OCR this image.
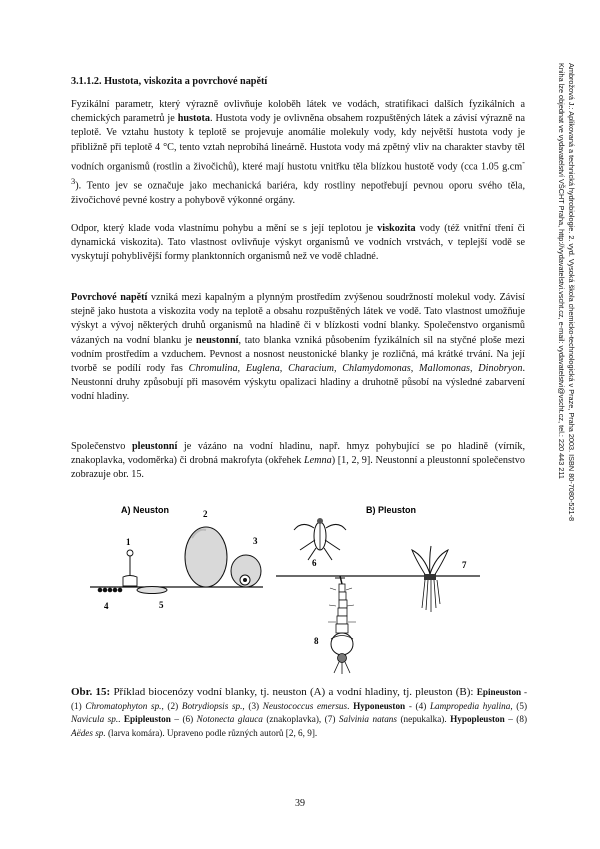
3.1.1.2. Hustota, viskozita a povrchové napětí

Fyzikální parametr, který výrazně ovlivňuje koloběh látek ve vodách, stratifikaci dalších fyzikálních a chemických parametrů je hustota. Hustota vody je ovlivněna obsahem rozpuštěných látek a závisí výrazně na teplotě. Ve vztahu hustoty k teplotě se projevuje anomálie molekuly vody, kdy největší hustota vody je přibližně při teplotě 4 °C, tento vztah neprobíhá lineárně. Hustota vody má zpětný vliv na charakter stavby těl vodních organismů (rostlin a živočichů), které mají hustotu vnitřku těla blízkou hustotě vody (cca 1.05 $g.cm^{-3}$). Tento jev se označuje jako mechanická bariéra, kdy rostliny nepotřebují pevnou oporu svého těla, živočichové pevné kostry a pohybově výkonné orgány.

Odpor, který klade voda vlastnímu pohybu a mění se s její teplotou je viskozita vody (též vnitřní tření či dynamická viskozita). Tato vlastnost ovlivňuje výskyt organismů ve vodních vrstvách, v teplejší vodě se vyskytují pohyblivější formy planktonních organismů než ve vodě chladné.

Povrchové napětí vzniká mezi kapalným a plynným prostředím zvýšenou soudržností molekul vody. Závisí stejně jako hustota a viskozita vody na teplotě a obsahu rozpuštěných látek ve vodě. Tato vlastnost umožňuje výskyt a vývoj některých druhů organismů na hladině či v blízkosti vodní blanky. Společenstvo organismů vázaných na vodní blanku je neustonní, tato blanka vzniká působením fyzikálních sil na styčné ploše mezi vodním prostředím a vzduchem. Pevnost a nosnost neustonické blanky je rozličná, má krátké trvání. Na její tvorbě se podílí rody řas Chromulina, Euglena, Characium, Chlamydomonas, Mallomonas, Dinobryon. Neustonní druhy způsobují při masovém výskytu opalizaci hladiny a druhotně působí na výsledné zabarvení vodní hladiny.

Společenstvo pleustonní je vázáno na vodní hladinu, např. hmyz pohybující se po hladině (vírník, znakoplavka, vodoměrka) či drobná makrofyta (okřehek Lemna) [1, 2, 9]. Neustonní a pleustonní společenstvo zobrazuje obr. 15.

A) Neuston	B) Pleuston
1
2
3
4	5
6	7
8

Obr. 15: Příklad biocenózy vodní blanky, tj. neuston (A) a vodní hladiny, tj. pleuston (B): Epineuston - (1) Chromatophyton sp., (2) Botrydiopsis sp., (3) Neustococcus emersus. Hyponeuston - (4) Lampropedia hyalina, (5) Navicula sp.. Epipleuston – (6) Notonecta glauca (znakoplavka), (7) Salvinia natans (nepukalka). Hypopleuston – (8) Aëdes sp. (larva komára). Upraveno podle různých autorů [2, 6, 9].

Ambrožová J.: Aplikovaná a technická hydrobiologie. 2. vyd. Vysoká škola chemicko-technologická v Praze, Praha 2003. ISBN 80-7080-521-8
Kniha lze objednat ve vydavatelství VŠCHT Praha, http://vydavatelstvi.vscht.cz, e-mail: vydavatelstvi@vscht.cz, tel.: 220 443 211
39
